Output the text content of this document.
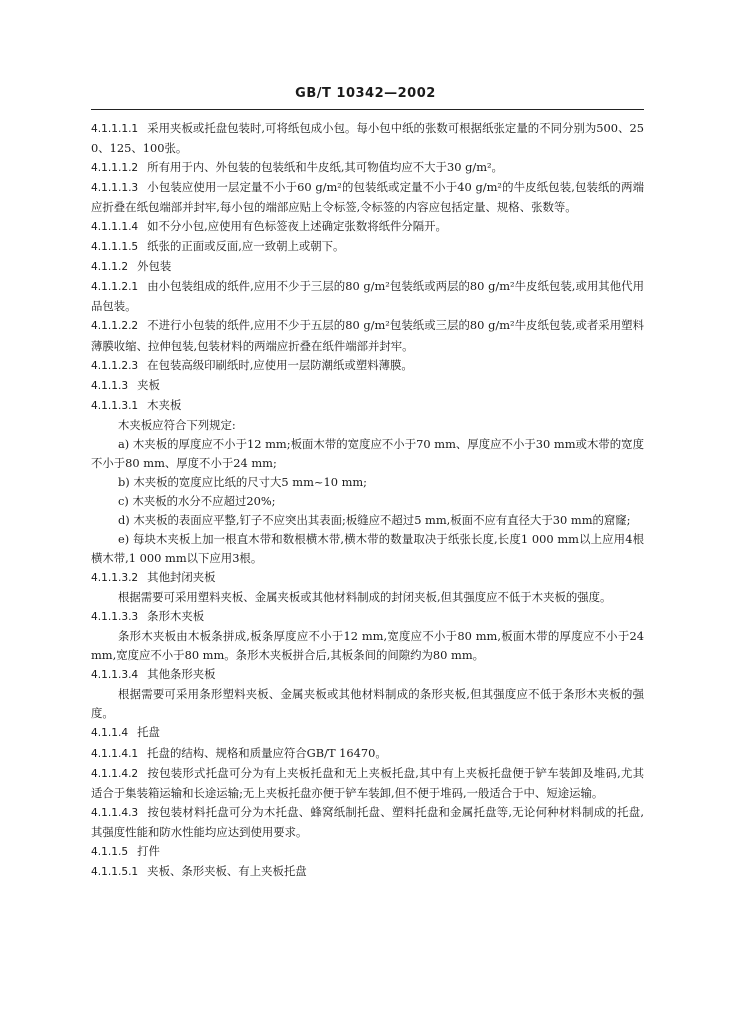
GB/T 10342—2002
4.1.1.1.1 采用夹板或托盘包装时,可将纸包成小包。每小包中纸的张数可根据纸张定量的不同分别为500、250、125、100张。
4.1.1.1.2 所有用于内、外包装的包装纸和牛皮纸,其可物值均应不大于30 g/m²。
4.1.1.1.3 小包装应使用一层定量不小于60 g/m²的包装纸或定量不小于40 g/m²的牛皮纸包装,包装纸的两端应折叠在纸包端部并封牢,每小包的端部应贴上令标签,令标签的内容应包括定量、规格、张数等。
4.1.1.1.4 如不分小包,应使用有色标签夜上述确定张数将纸件分隔开。
4.1.1.1.5 纸张的正面或反面,应一致朝上或朝下。
4.1.1.2 外包装
4.1.1.2.1 由小包装组成的纸件,应用不少于三层的80 g/m²包装纸或两层的80 g/m²牛皮纸包装,或用其他代用品包装。
4.1.1.2.2 不进行小包装的纸件,应用不少于五层的80 g/m²包装纸或三层的80 g/m²牛皮纸包装,或者采用塑料薄膜收缩、拉伸包装,包装材料的两端应折叠在纸件端部并封牢。
4.1.1.2.3 在包装高级印刷纸时,应使用一层防潮纸或塑料薄膜。
4.1.1.3 夹板
4.1.1.3.1 木夹板
木夹板应符合下列规定:
a) 木夹板的厚度应不小于12 mm;板面木带的宽度应不小于70 mm、厚度应不小于30 mm或木带的宽度不小于80 mm、厚度不小于24 mm;
b) 木夹板的宽度应比纸的尺寸大5 mm~10 mm;
c) 木夹板的水分不应超过20%;
d) 木夹板的表面应平整,钉子不应突出其表面;板缝应不超过5 mm,板面不应有直径大于30 mm的窟窿;
e) 每块木夹板上加一根直木带和数根横木带,横木带的数量取决于纸张长度,长度1 000 mm以上应用4根横木带,1 000 mm以下应用3根。
4.1.1.3.2 其他封闭夹板
根据需要可采用塑料夹板、金属夹板或其他材料制成的封闭夹板,但其强度应不低于木夹板的强度。
4.1.1.3.3 条形木夹板
条形木夹板由木板条拼成,板条厚度应不小于12 mm,宽度应不小于80 mm,板面木带的厚度应不小于24 mm,宽度应不小于80 mm。条形木夹板拼合后,其板条间的间隙约为80 mm。
4.1.1.3.4 其他条形夹板
根据需要可采用条形塑料夹板、金属夹板或其他材料制成的条形夹板,但其强度应不低于条形木夹板的强度。
4.1.1.4 托盘
4.1.1.4.1 托盘的结构、规格和质量应符合GB/T 16470。
4.1.1.4.2 按包装形式托盘可分为有上夹板托盘和无上夹板托盘,其中有上夹板托盘便于铲车装卸及堆码,尤其适合于集装箱运输和长途运输;无上夹板托盘亦便于铲车装卸,但不便于堆码,一般适合于中、短途运输。
4.1.1.4.3 按包装材料托盘可分为木托盘、蜂窝纸制托盘、塑料托盘和金属托盘等,无论何种材料制成的托盘,其强度性能和防水性能均应达到使用要求。
4.1.1.5 打件
4.1.1.5.1 夹板、条形夹板、有上夹板托盘
